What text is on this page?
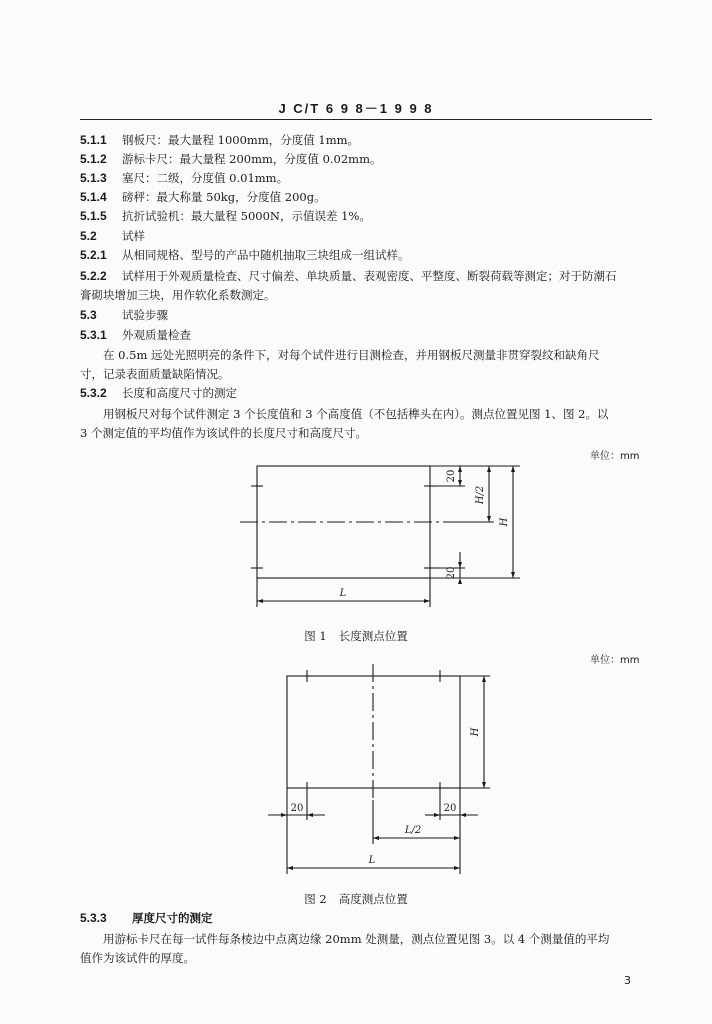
J C/T 6 9 8－1 9 9 8
5.1.1 钢板尺：最大量程 1000mm，分度值 1mm。
5.1.2 游标卡尺：最大量程 200mm，分度值 0.02mm。
5.1.3 塞尺：二级，分度值 0.01mm。
5.1.4 磅秤：最大称量 50kg，分度值 200g。
5.1.5 抗折试验机：最大量程 5000N，示值误差 1%。
5.2 试样
5.2.1 从相同规格、型号的产品中随机抽取三块组成一组试样。
5.2.2 试样用于外观质量检查、尺寸偏差、单块质量、表观密度、平整度、断裂荷载等测定；对于防潮石
膏砌块增加三块，用作软化系数测定。
5.3 试验步骤
5.3.1 外观质量检查
在 0.5m 远处光照明亮的条件下，对每个试件进行目测检查，并用钢板尺测量非贯穿裂纹和缺角尺
寸，记录表面质量缺陷情况。
5.3.2 长度和高度尺寸的测定
用钢板尺对每个试件测定 3 个长度值和 3 个高度值（不包括榫头在内）。测点位置见图 1、图 2。以
3 个测定值的平均值作为该试件的长度尺寸和高度尺寸。
单位：mm
20
20
H/2
H
L
图 1 长度测点位置
单位：mm
H
20	20
L/2
L
图 2 高度测点位置
5.3.3 厚度尺寸的测定
用游标卡尺在每一试件每条棱边中点离边缘 20mm 处测量，测点位置见图 3。以 4 个测量值的平均
值作为该试件的厚度。
3
